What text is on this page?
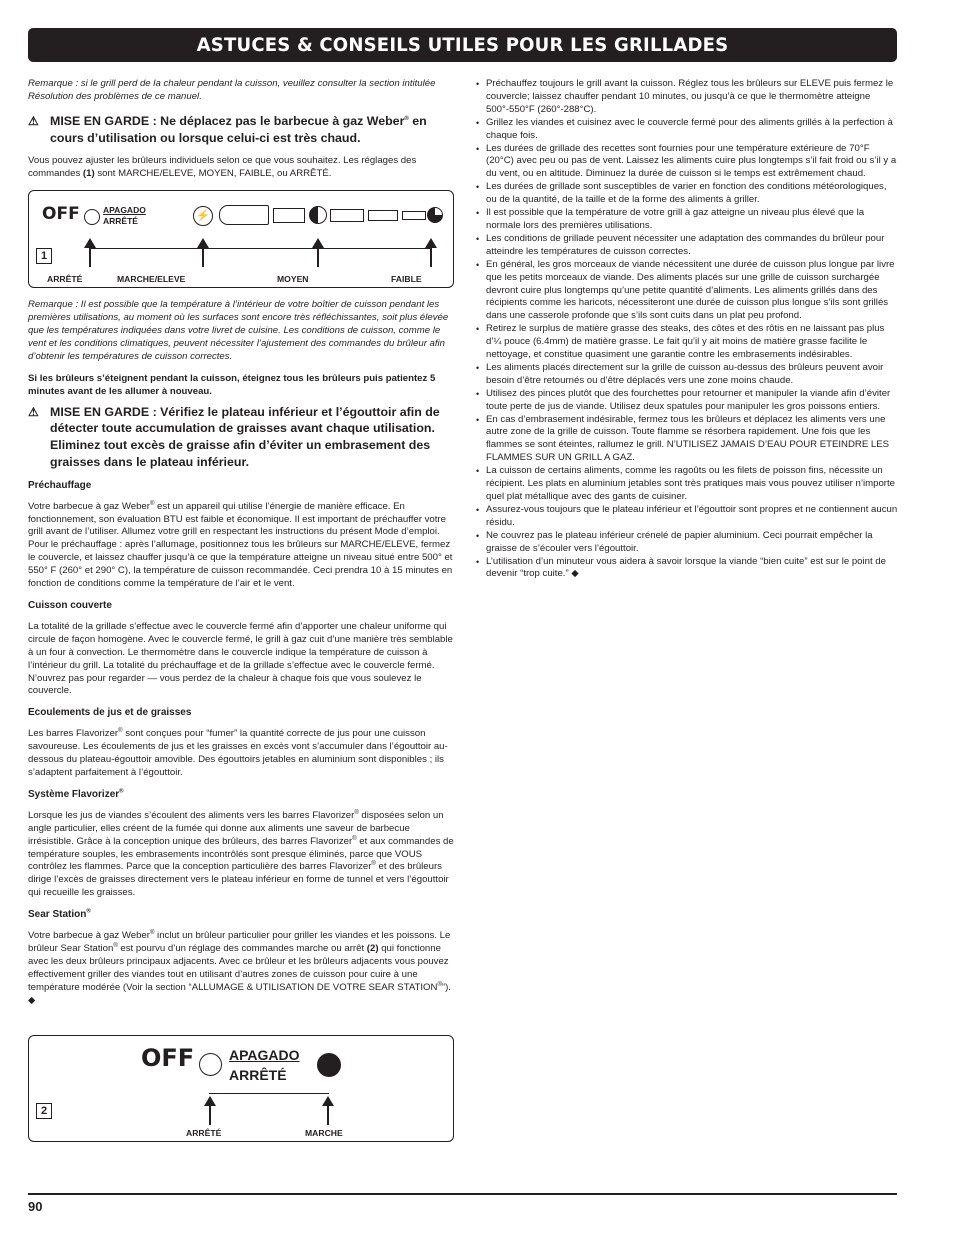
ASTUCES & CONSEILS UTILES POUR LES GRILLADES

Remarque : si le grill perd de la chaleur pendant la cuisson, veuillez consulter la section intitulée Résolution des problèmes de ce manuel.

⚠ MISE EN GARDE : Ne déplacez pas le barbecue à gaz Weber® en cours d’utilisation ou lorsque celui-ci est très chaud.

Vous pouvez ajuster les brûleurs individuels selon ce que vous souhaitez. Les réglages des commandes (1) sont MARCHE/ELEVE, MOYEN, FAIBLE, ou ARRÊTÉ.

OFF	APAGADO
ARRÊTÉ	⚡
1
ARRÊTÉ	MARCHE/ELEVE	MOYEN	FAIBLE

Remarque : Il est possible que la température à l’intérieur de votre boîtier de cuisson pendant les premières utilisations, au moment où les surfaces sont encore très réfléchissantes, soit plus élevée que les températures indiquées dans votre livret de cuisine. Les conditions de cuisson, comme le vent et les conditions climatiques, peuvent nécessiter l’ajustement des commandes du brûleur afin d’obtenir les températures de cuisson correctes.

Si les brûleurs s’éteignent pendant la cuisson, éteignez tous les brûleurs puis patientez 5 minutes avant de les allumer à nouveau.

⚠ MISE EN GARDE : Vérifiez le plateau inférieur et l’égouttoir afin de détecter toute accumulation de graisses avant chaque utilisation. Eliminez tout excès de graisse afin d’éviter un embrasement des graisses dans le plateau inférieur.
Préchauffage

Votre barbecue à gaz Weber® est un appareil qui utilise l’énergie de manière efficace. En fonctionnement, son évaluation BTU est faible et économique. Il est important de préchauffer votre grill avant de l’utiliser. Allumez votre grill en respectant les instructions du présent Mode d’emploi. Pour le préchauffage : après l’allumage, positionnez tous les brûleurs sur MARCHE/ELEVE, fermez le couvercle, et laissez chauffer jusqu’à ce que la température atteigne un niveau situé entre 500° et 550° F (260° et 290° C), la température de cuisson recommandée. Ceci prendra 10 à 15 minutes en fonction de conditions comme la température de l’air et le vent.

Cuisson couverte

La totalité de la grillade s’effectue avec le couvercle fermé afin d’apporter une chaleur uniforme qui circule de façon homogène. Avec le couvercle fermé, le grill à gaz cuit d’une manière très semblable à un four à convection. Le thermomètre dans le couvercle indique la température de cuisson à l’intérieur du grill. La totalité du préchauffage et de la grillade s’effectue avec le couvercle fermé. N’ouvrez pas pour regarder — vous perdez de la chaleur à chaque fois que vous soulevez le couvercle.

Ecoulements de jus et de graisses

Les barres Flavorizer® sont conçues pour “fumer” la quantité correcte de jus pour une cuisson savoureuse. Les écoulements de jus et les graisses en excès vont s’accumuler dans l’égouttoir au-dessous du plateau-égouttoir amovible. Des égouttoirs jetables en aluminium sont disponibles ; ils s’adaptent parfaitement à l’égouttoir.

Système Flavorizer®

Lorsque les jus de viandes s’écoulent des aliments vers les barres Flavorizer® disposées selon un angle particulier, elles créent de la fumée qui donne aux aliments une saveur de barbecue irrésistible. Grâce à la conception unique des brûleurs, des barres Flavorizer® et aux commandes de température souples, les embrasements incontrôlés sont presque éliminés, parce que VOUS contrôlez les flammes. Parce que la conception particulière des barres Flavorizer® et des brûleurs dirige l’excès de graisses directement vers le plateau inférieur en forme de tunnel et vers l’égouttoir qui recueille les graisses.

Sear Station®

Votre barbecue à gaz Weber® inclut un brûleur particulier pour griller les viandes et les poissons. Le brûleur Sear Station® est pourvu d’un réglage des commandes marche ou arrêt (2) qui fonctionne avec les deux brûleurs principaux adjacents. Avec ce brûleur et les brûleurs adjacents vous pouvez effectivement griller des viandes tout en utilisant d’autres zones de cuisson pour cuire à une température modérée (Voir la section “ALLUMAGE & UTILISATION DE VOTRE SEAR STATION®”). ◆

OFF APAGADO
ARRÊTÉ
2
ARRÊTÉ	MARCHE
• Préchauffez toujours le grill avant la cuisson. Réglez tous les brûleurs sur ELEVE puis fermez le couvercle; laissez chauffer pendant 10 minutes, ou jusqu’à ce que le thermomètre atteigne 500°-550°F (260°-288°C).
• Grillez les viandes et cuisinez avec le couvercle fermé pour des aliments grillés à la perfection à chaque fois.
• Les durées de grillade des recettes sont fournies pour une température extérieure de 70°F (20°C) avec peu ou pas de vent. Laissez les aliments cuire plus longtemps s’il fait froid ou s’il y a du vent, ou en altitude. Diminuez la durée de cuisson si le temps est extrêmement chaud.
• Les durées de grillade sont susceptibles de varier en fonction des conditions météorologiques, ou de la quantité, de la taille et de la forme des aliments à griller.
• Il est possible que la température de votre grill à gaz atteigne un niveau plus élevé que la normale lors des premières utilisations.
• Les conditions de grillade peuvent nécessiter une adaptation des commandes du brûleur pour atteindre les températures de cuisson correctes.
• En général, les gros morceaux de viande nécessitent une durée de cuisson plus longue par livre que les petits morceaux de viande. Des aliments placés sur une grille de cuisson surchargée devront cuire plus longtemps qu’une petite quantité d’aliments. Les aliments grillés dans des récipients comme les haricots, nécessiteront une durée de cuisson plus longue s’ils sont grillés dans une casserole profonde que s’ils sont cuits dans un plat peu profond.
• Retirez le surplus de matière grasse des steaks, des côtes et des rôtis en ne laissant pas plus d’¼ pouce (6.4mm) de matière grasse. Le fait qu’il y ait moins de matière grasse facilite le nettoyage, et constitue quasiment une garantie contre les embrasements indésirables.
• Les aliments placés directement sur la grille de cuisson au-dessus des brûleurs peuvent avoir besoin d’être retournés ou d’être déplacés vers une zone moins chaude.
• Utilisez des pinces plutôt que des fourchettes pour retourner et manipuler la viande afin d’éviter toute perte de jus de viande. Utilisez deux spatules pour manipuler les gros poissons entiers.
• En cas d’embrasement indésirable, fermez tous les brûleurs et déplacez les aliments vers une autre zone de la grille de cuisson. Toute flamme se résorbera rapidement. Une fois que les flammes se sont éteintes, rallumez le grill. N’UTILISEZ JAMAIS D’EAU POUR ETEINDRE LES FLAMMES SUR UN GRILL A GAZ.
• La cuisson de certains aliments, comme les ragoûts ou les filets de poisson fins, nécessite un récipient. Les plats en aluminium jetables sont très pratiques mais vous pouvez utiliser n’importe quel plat métallique avec des gants de cuisiner.
• Assurez-vous toujours que le plateau inférieur et l’égouttoir sont propres et ne contiennent aucun résidu.
• Ne couvrez pas le plateau inférieur crénelé de papier aluminium. Ceci pourrait empêcher la graisse de s’écouler vers l’égouttoir.
• L’utilisation d’un minuteur vous aidera à savoir lorsque la viande “bien cuite” est sur le point de devenir “trop cuite.” ◆
90
